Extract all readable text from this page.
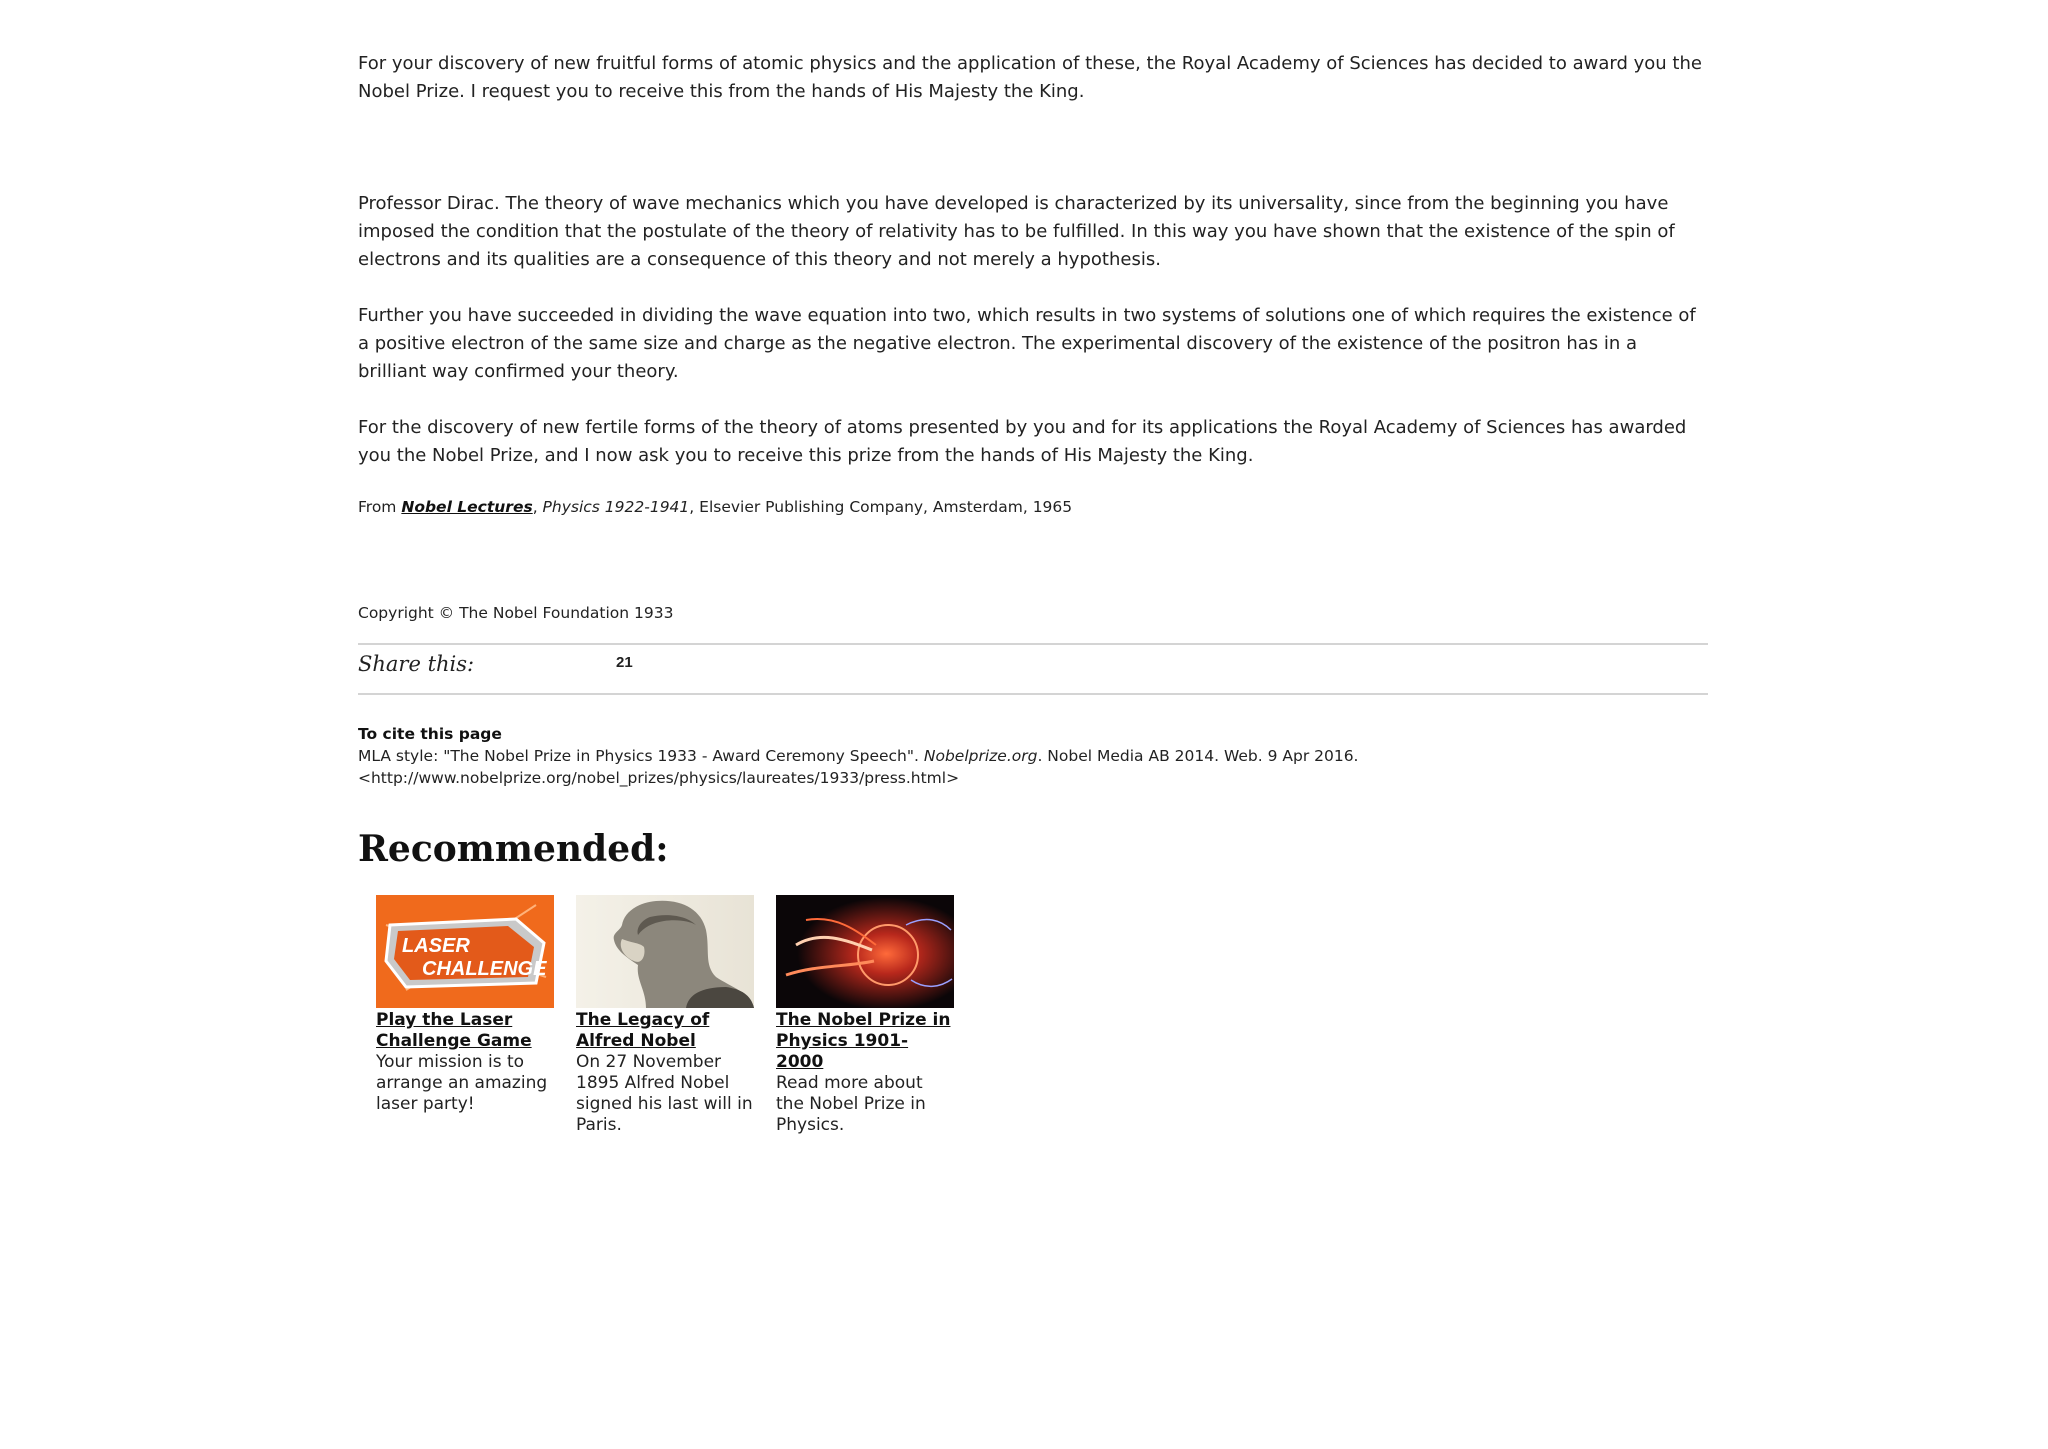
For your discovery of new fruitful forms of atomic physics and the application of these, the Royal Academy of Sciences has decided to award you the Nobel Prize. I request you to receive this from the hands of His Majesty the King.

Professor Dirac. The theory of wave mechanics which you have developed is characterized by its universality, since from the beginning you have imposed the condition that the postulate of the theory of relativity has to be fulfilled. In this way you have shown that the existence of the spin of electrons and its qualities are a consequence of this theory and not merely a hypothesis.

Further you have succeeded in dividing the wave equation into two, which results in two systems of solutions one of which requires the existence of a positive electron of the same size and charge as the negative electron. The experimental discovery of the existence of the positron has in a brilliant way confirmed your theory.

For the discovery of new fertile forms of the theory of atoms presented by you and for its applications the Royal Academy of Sciences has awarded you the Nobel Prize, and I now ask you to receive this prize from the hands of His Majesty the King.

From Nobel Lectures, Physics 1922-1941, Elsevier Publishing Company, Amsterdam, 1965

Copyright © The Nobel Foundation 1933

Share this:	21

To cite this page

MLA style: "The Nobel Prize in Physics 1933 - Award Ceremony Speech". Nobelprize.org. Nobel Media AB 2014. Web. 9 Apr 2016. <http://www.nobelprize.org/nobel_prizes/physics/laureates/1933/press.html>

Recommended:
LASER
CHALLENGE
Play the Laser Challenge Game
Your mission is to arrange an amazing laser party!
The Legacy of Alfred Nobel
On 27 November 1895 Alfred Nobel signed his last will in Paris.
The Nobel Prize in Physics 1901-2000
Read more about the Nobel Prize in Physics.
